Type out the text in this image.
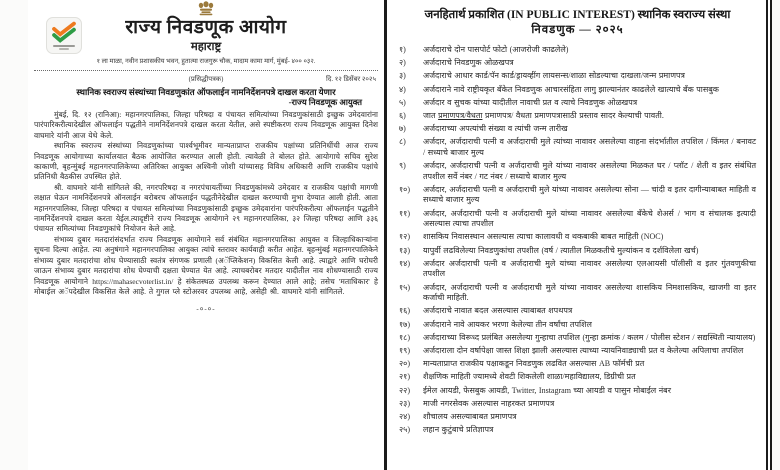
राज्य निवडणूक आयोग
महाराष्ट्र
१ ला माळा, नवीन प्रशासकीय भवन, हुतात्मा राजगुरू चौक, मादाम कामा मार्ग, मुंबई- ४०० ०३२.
(प्रसिद्धीपत्रक)	दि. १२ डिसेंबर २०२५
स्थानिक स्वराज्य संस्थांच्या निवडणुकांत ऑफलाईन नामनिर्देशनपत्रे दाखल करता येणार
-राज्य निवडणूक आयुक्त

मुंबई, दि. १२ (रानिआ): महानगरपालिका, जिल्हा परिषदा व पंचायत समित्यांच्या निवडणुकांसाठी इच्छुक उमेदवारांना पारंपारिकरीत्यादेखील ऑफलाईन पद्धतीने नामनिर्देशनपत्रे दाखल करता येतील, असे स्पष्टीकरण राज्य निवडणूक आयुक्त दिनेश वाघमारे यांनी आज येथे केले.

स्थानिक स्वराज्य संस्थांच्या निवडणुकांच्या पार्श्वभूमीवर मान्यताप्राप्त राजकीय पक्षांच्या प्रतिनिधींची आज राज्य निवडणूक आयोगाच्या कार्यालयात बैठक आयोजित करण्यात आली होती. त्यावेळी ते बोलत होते. आयोगाचे सचिव सुरेश काकाणी, बृहन्मुंबई महानगरपालिकेच्या अतिरिक्त आयुक्त अश्विनी जोशी यांच्यासह विविध अधिकारी आणि राजकीय पक्षांचे प्रतिनिधी बैठकीस उपस्थित होते.

श्री. वाघमारे यांनी सांगितले की, नगरपरिषदा व नगरपंचायतींच्या निवडणुकांमध्ये उमेदवार व राजकीय पक्षांची मागणी लक्षात घेऊन नामनिर्देशनपत्रे ऑनलाईन बरोबरच ऑफलाईन पद्धतीनेदेखील दाखल करण्याची मुभा देण्यात आली होती. आता महानगरपालिका, जिल्हा परिषदा व पंचायत समित्यांच्या निवडणुकांसाठी इच्छुक उमेदवारांना पारंपरिकरीत्या ऑफलाईन पद्धतीने नामनिर्देशनपत्रे दाखल करता येईल.त्यादृष्टीने राज्य निवडणूक आयोगाने २९ महानगरपालिका, ३२ जिल्हा परिषदा आणि ३३६ पंचायत समित्यांच्या निवडणुकांचे नियोजन केले आहे.

संभाव्य दुबार मतदारांसंदर्भात राज्य निवडणूक आयोगाने सर्व संबंधित महानगरपालिका आयुक्त व जिल्हाधिकाऱ्यांना सूचना दिल्या आहेत. त्या अनुषंगाने महानगरपालिका आयुक्त त्यांचे स्तरावर कार्यवाही करीत आहेत. बृहन्मुंबई महानगरपालिकेने संभाव्य दुबार मतदारांचा शोध घेण्यासाठी स्वतंत्र संगणक प्रणाली (अॅप्लिकेशन) विकसित केली आहे. त्याद्वारे आणि घरोघरी जाऊन संभाव्य दुबार मतदारांचा शोध घेण्याची दक्षता घेण्यात येत आहे. त्याचबरोबर मतदार यादीतील नाव शोधण्यासाठी राज्य निवडणूक आयोगाने https://mahasecvoterlist.in/ हे संकेतस्थळ उपलब्ध करून देण्यात आले आहे; तसेच 'मताधिकार' हे मोबाईल अॅपदेखील विकसित केले आहे. ते गुगल प्ले स्टोअरवर उपलब्ध आहे, असेही श्री. वाघमारे यांनी सांगितले.

-०-०-
जनहितार्थ प्रकाशित (IN PUBLIC INTEREST) स्थानिक स्वराज्य संस्था
निवडणुक — २०२५
१)	अर्जदाराचे दोन पासपोर्ट फोटो (आजरोजी काढलेले)
२)	अर्जदाराचे निवडणुक ओळखपत्र
३)	अर्जदाराचे आधार कार्ड/पॅन कार्ड/ड्रायव्हींग लायसन्स/शाळा सोडल्याचा दाखला/जन्म प्रमाणपत्र
४)	अर्जदाराने नावे राष्ट्रीयकृत बँकेत निवडणुक आचारसंहिता लागु झाल्यानंतर काढलेले खात्याचे बँक पासबुक
५)	अर्जदार व सुचक यांच्या यादीतील नावाची प्रत व त्याचे निवडणुक ओळखपत्र
६)	जात प्रमाणपत्र/वैधता प्रमाणपत्र/ वैधता प्रमाणपत्रासाठी प्रस्ताव सादर केल्याची पावती.
७)	अर्जदाराच्या अपत्यांची संख्या व त्यांची जन्म तारीख
८)	अर्जदार, अर्जदाराची पत्नी व अर्जदाराची मुले त्यांच्या नावावर असलेल्या वाहना संदर्भातील तपशिल / किंमत / बनावट / सध्याचे बाजार मुल्य
९)	अर्जदार, अर्जदाराची पत्नी व अर्जदाराची मुले यांच्या नावावर असलेल्या मिळकत घर / प्लॉट / शेती व इतर संबंधित तपशील सर्वे नंबर / गट नंबर / सध्याचे बाजार मुल्य
१०)	अर्जदार, अर्जदाराची पत्नी व अर्जदाराची मुले यांच्या नावावर असलेल्या सोना — चांदी व इतर दागीन्याबाबत माहिती व सध्याचे बाजार मुल्य
११)	अर्जदार, अर्जदाराची पत्नी व अर्जदाराची मुले यांच्या नावावर असलेल्या बँकेचे शेअर्स / भाग व संचालक इत्यादी असल्यास त्याचा तपशील
१२)	शासकिय निवासस्थान असल्यास त्याचा कालावधी व थकबाकी बाबत माहिती (NOC)
१३)	यापुर्वी लढविलेल्या निवडणुकांचा तपशील (वर्ष / त्यातील मिळकतीचे मुल्यांकन व दर्शविलेला खर्च)
१४)	अर्जदार अर्जदाराची पत्नी व अर्जदाराची मुले यांच्या नावावर असलेल्या एलआयसी पॉलीसी व इतर गुंतवणुकीचा तपशील
१५)	अर्जदार, अर्जदाराची पत्नी व अर्जदाराची मुले यांच्या नावावर असलेल्या शासकिय निमशासकिय, खाजगी वा इतर कर्जाची माहिती.
१६)	अर्जदाराचे नावात बदल असल्यास त्याबाबत शपथपत्र
१७)	अर्जदाराने नावे आयकर भरणा केलेल्या तीन वर्षांचा तपशिल
१८)	अर्जदाराच्या विरूध्द प्रलंबित असलेल्या गुन्हाचा तपशिल (गुन्हा क्रमांक / कलम / पोलीस स्टेशन / सद्यस्थिती न्यायालय)
१९)	अर्जदाराला दोन वर्षापेक्षा जास्त शिक्षा झाली असल्यास त्याच्या न्यायनिवाड्याची प्रत व केलेल्या अपिलाचा तपशिल
२०)	मान्यताप्राप्त राजकीय पक्षाकडून निवडणुक लढवित असल्यास AB फॉर्मची प्रत
२१)	शैक्षणिक माहिती ज्यामध्ये शेवटी शिकलेली शाळा/महाविद्यालय, डिग्रीची प्रत
२२)	ईमेल आयडी, फेसबुक आयडी, Twitter, Instagram च्या आयडी व पासुन मोबाईल नंबर
२३)	माजी नगरसेवक असल्यास नाहरकत प्रमाणपत्र
२४)	शौचालय असल्याबाबत प्रमाणपत्र
२५)	लहान कुटुंबाचे प्रतिज्ञापत्र
